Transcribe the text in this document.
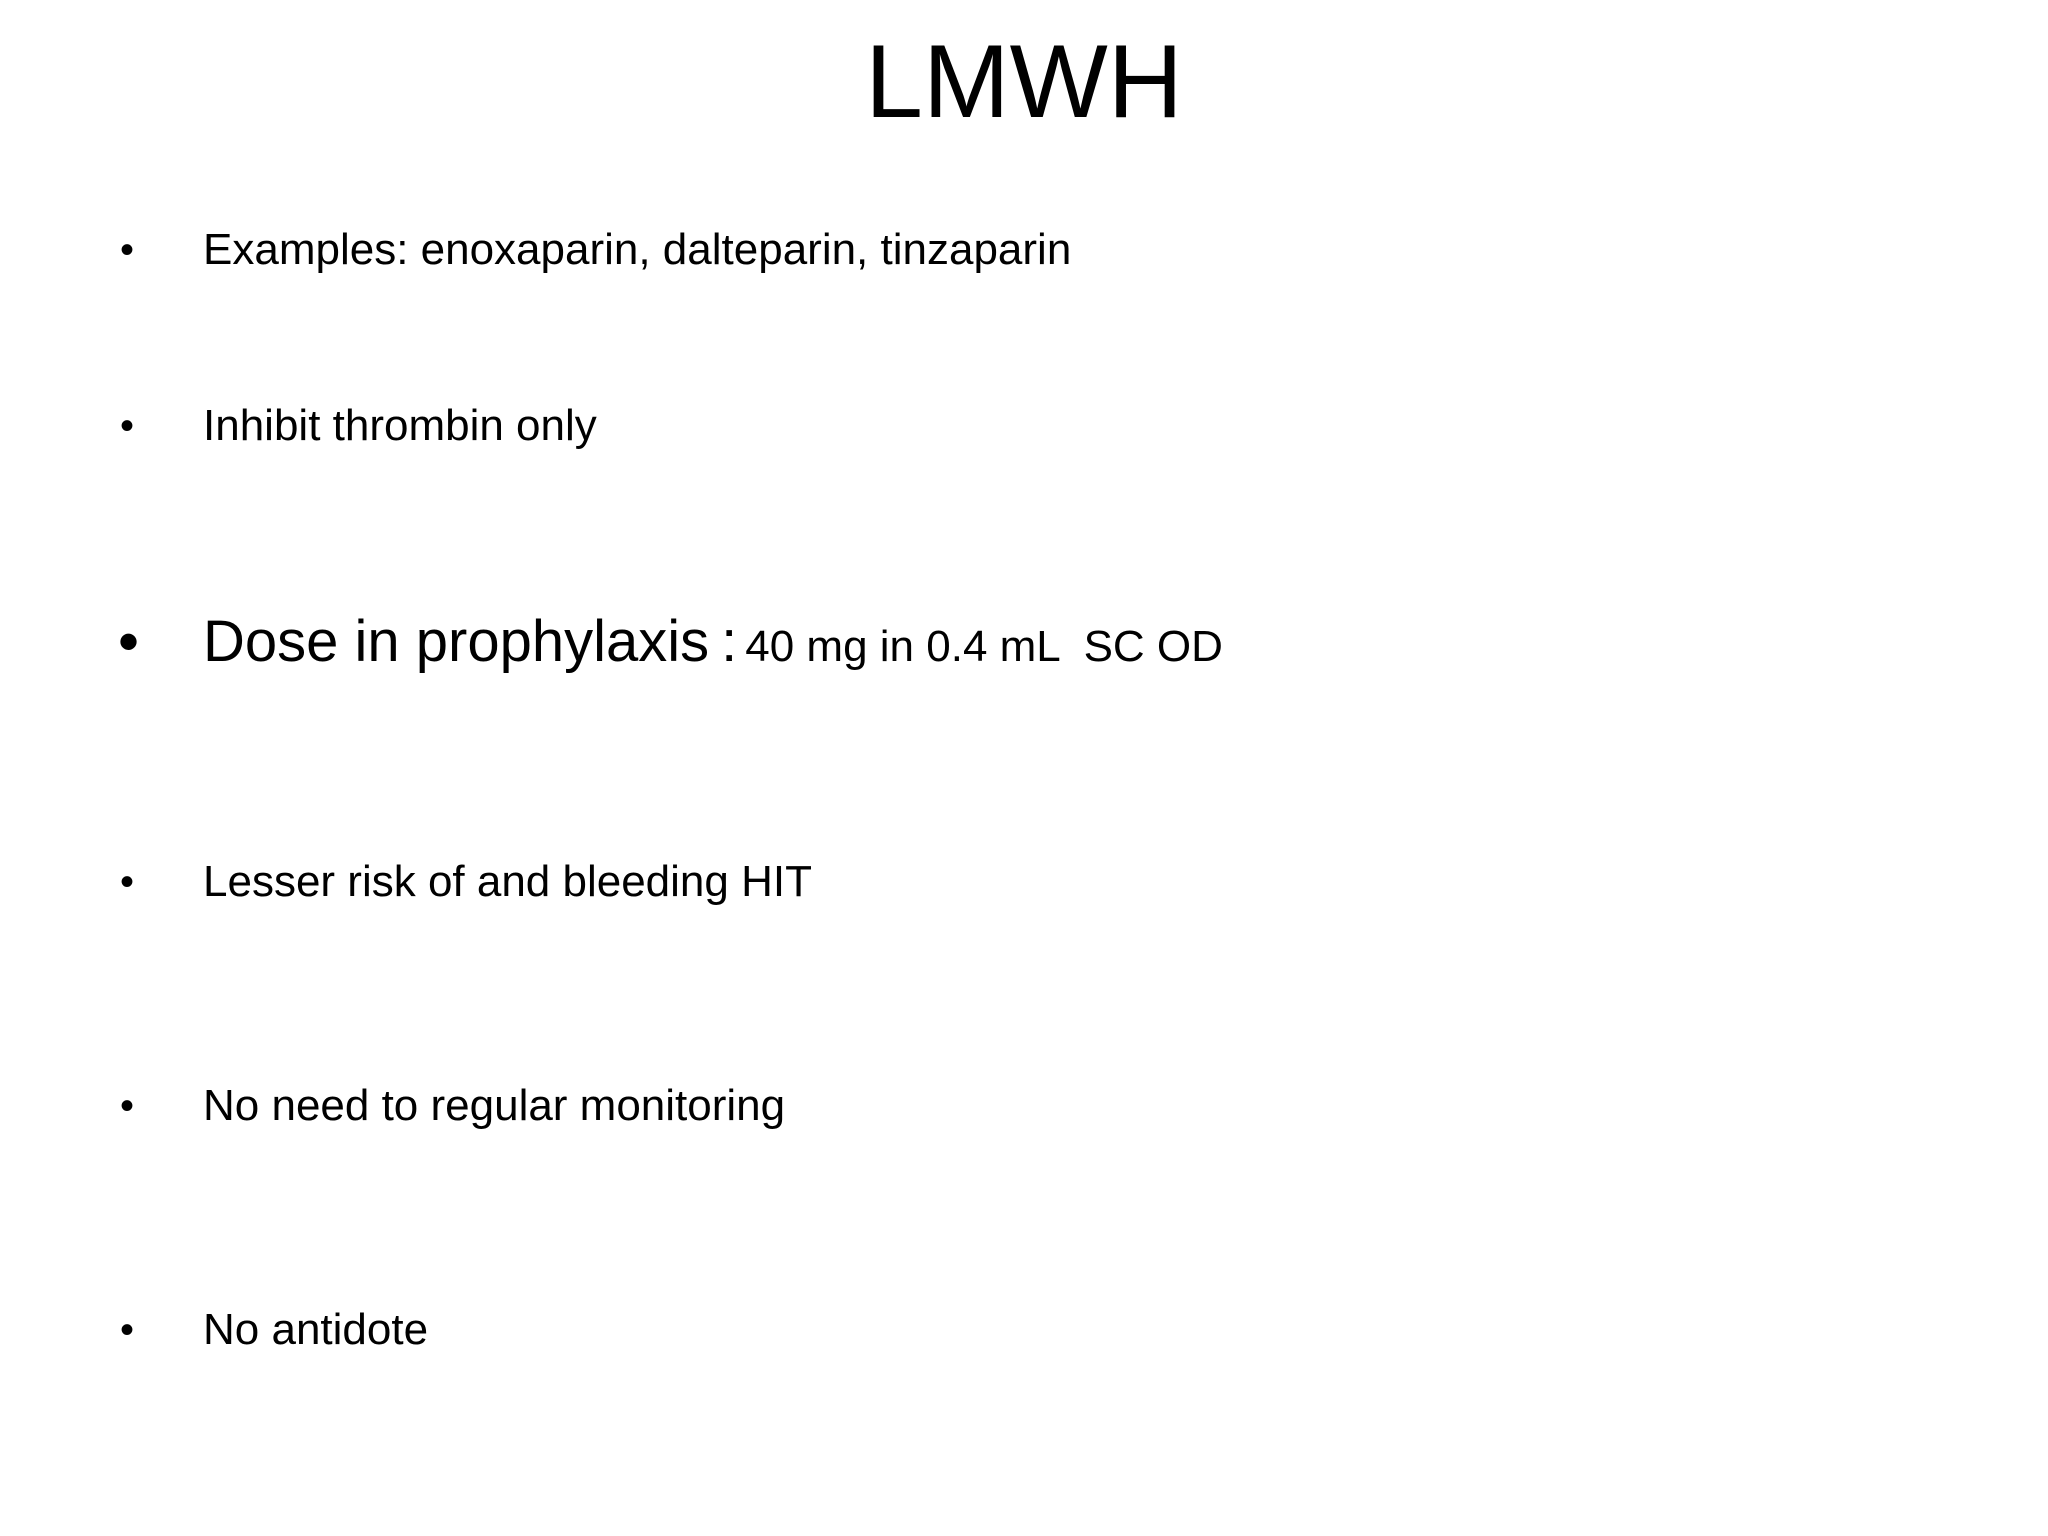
LMWH
• Examples: enoxaparin, dalteparin, tinzaparin
• Inhibit thrombin only
• Dose in prophylaxis : 40 mg in 0.4 mL  SC OD
• Lesser risk of and bleeding HIT
• No need to regular monitoring
• No antidote
